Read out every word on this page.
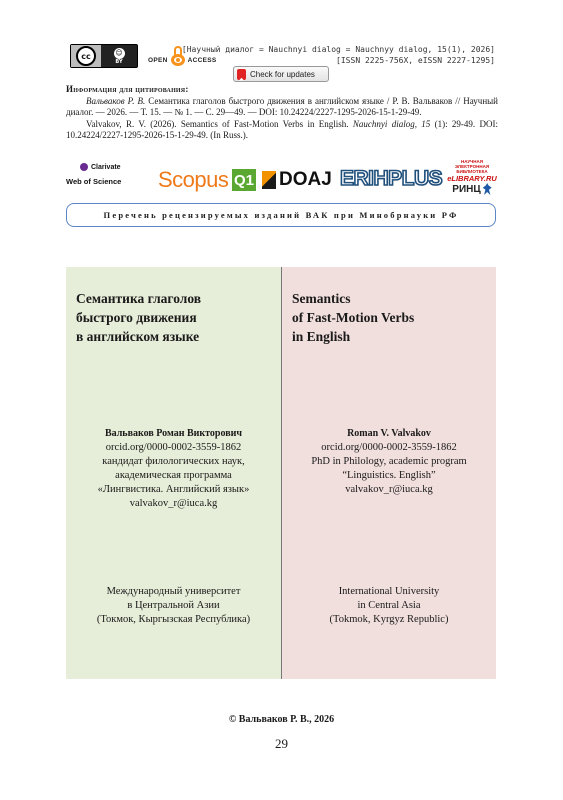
cc	☺
BY	OPEN	ACCESS
[Научный диалог = Nauchnyi dialog = Nauchnyy dialog, 15(1), 2026]
[ISSN 2225-756X, eISSN 2227-1295]
Check for updates
Информация для цитирования:

Вальваков Р. В. Семантика глаголов быстрого движения в английском языке / Р. В. Вальваков // Научный диалог. — 2026. — Т. 15. — № 1. — С. 29—49. — DOI: 10.24224/2227-1295-2026-15-1-29-49.

Valvakov, R. V. (2026). Semantics of Fast-Motion Verbs in English. Nauchnyi dialog, 15 (1): 29-49. DOI: 10.24224/2227-1295-2026-15-1-29-49. (In Russ.).

Clarivate
Web of Science Scopus Q1 DOAJ ERIHPLUS
НАУЧНАЯ ЭЛЕКТРОННАЯ БИБЛИОТЕКА
eLIBRARY.RU
РИНЦ
Перечень рецензируемых изданий ВАК при Минобрнауки РФ
Семантика глаголов
быстрого движения
в английском языке
Вальваков Роман Викторович
orcid.org/0000-0002-3559-1862
кандидат филологических наук,
академическая программа
«Лингвистика. Английский язык»
valvakov_r@iuca.kg
Международный университет
в Центральной Азии
(Токмок, Кыргызская Республика)
Semantics
of Fast-Motion Verbs
in English
Roman V. Valvakov
orcid.org/0000-0002-3559-1862
PhD in Philology, academic program
“Linguistics. English”
valvakov_r@iuca.kg
International University
in Central Asia
(Tokmok, Kyrgyz Republic)
© Вальваков Р. В., 2026
29
